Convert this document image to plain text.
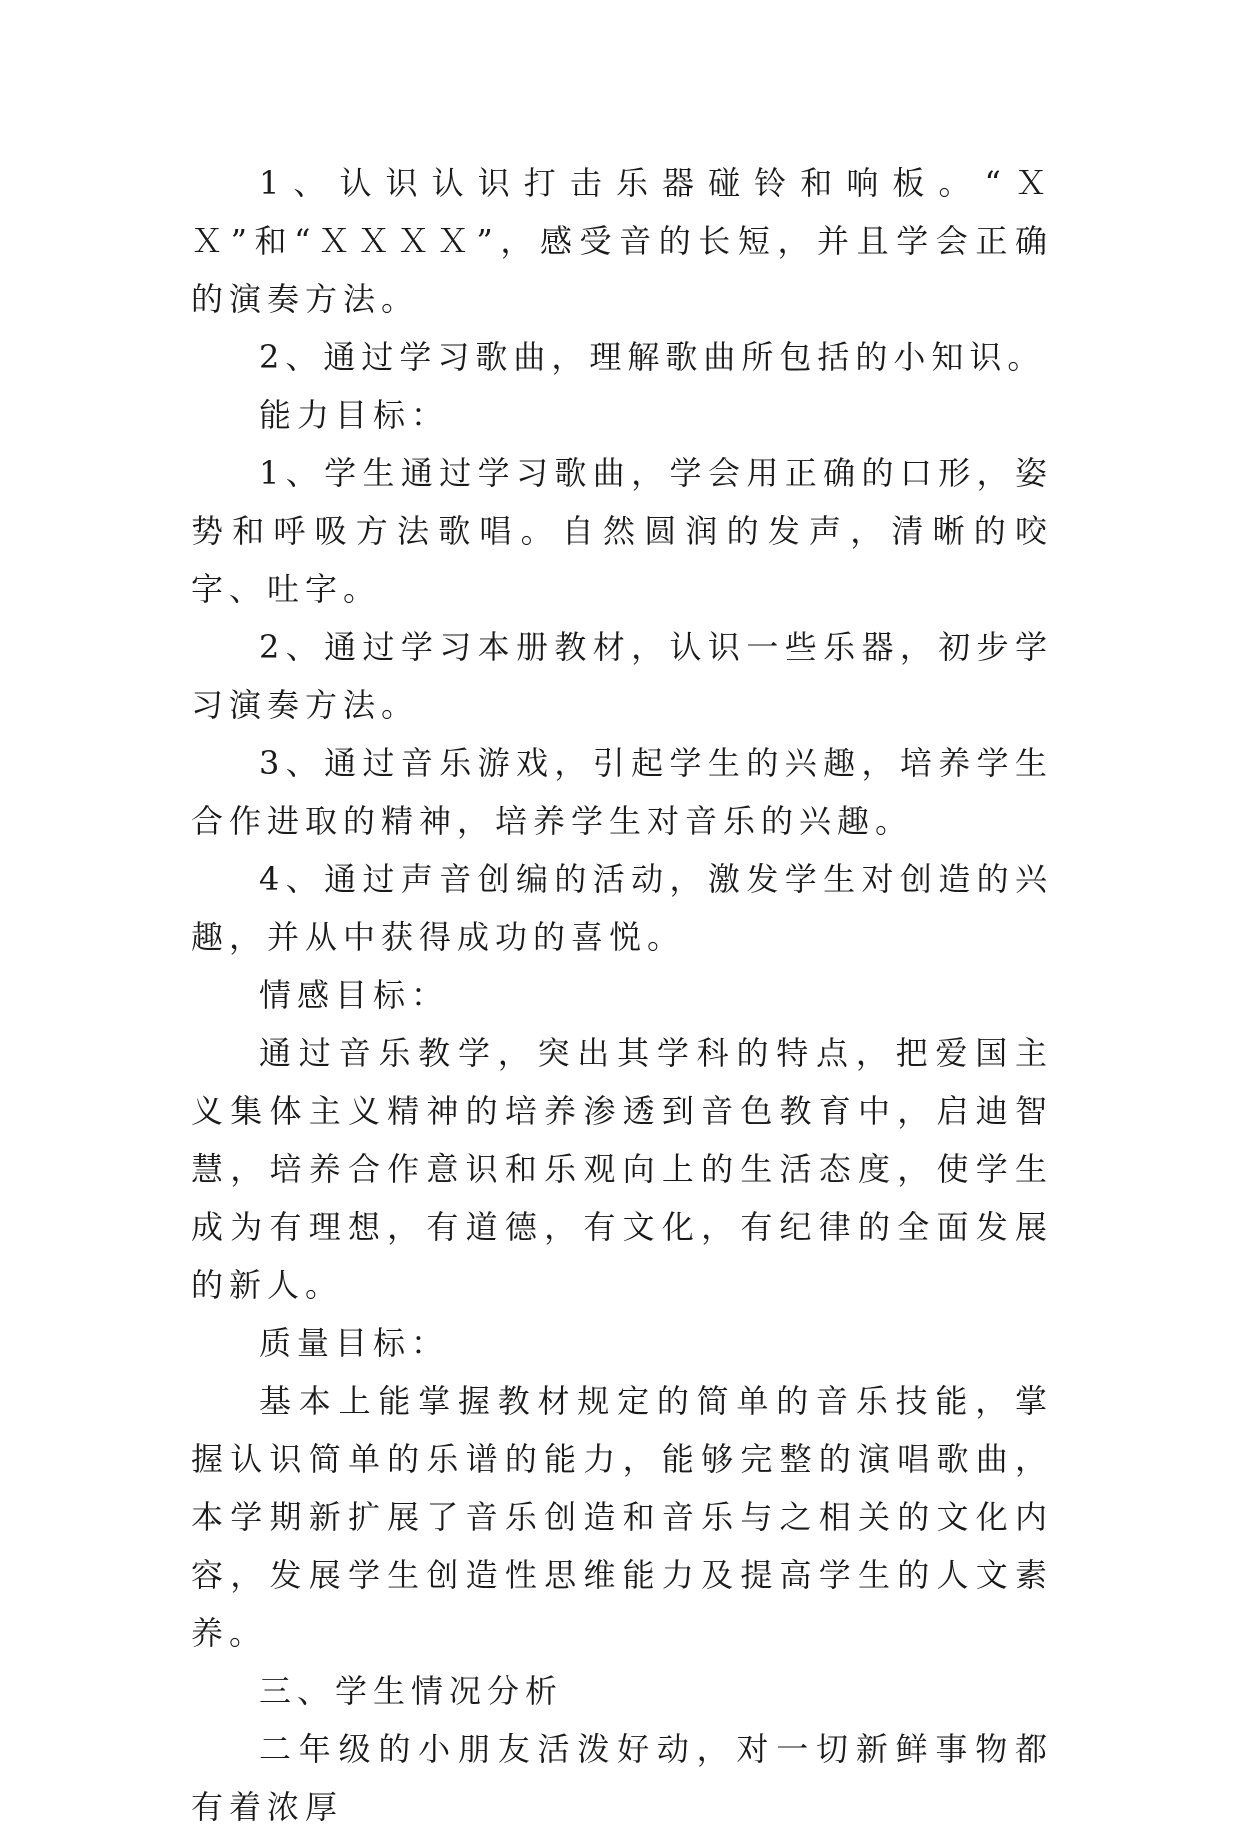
1、认识认识打击乐器碰铃和响板。“ＸＸ”和“ＸＸＸＸ”，感受音的长短，并且学会正确的演奏方法。

2、通过学习歌曲，理解歌曲所包括的小知识。

能力目标：

1、学生通过学习歌曲，学会用正确的口形，姿势和呼吸方法歌唱。自然圆润的发声，清晰的咬字、吐字。

2、通过学习本册教材，认识一些乐器，初步学习演奏方法。

3、通过音乐游戏，引起学生的兴趣，培养学生合作进取的精神，培养学生对音乐的兴趣。

4、通过声音创编的活动，激发学生对创造的兴趣，并从中获得成功的喜悦。

情感目标：

通过音乐教学，突出其学科的特点，把爱国主义集体主义精神的培养渗透到音色教育中，启迪智慧，培养合作意识和乐观向上的生活态度，使学生成为有理想，有道德，有文化，有纪律的全面发展的新人。

质量目标：

基本上能掌握教材规定的简单的音乐技能，掌握认识简单的乐谱的能力，能够完整的演唱歌曲，本学期新扩展了音乐创造和音乐与之相关的文化内容，发展学生创造性思维能力及提高学生的人文素养。

三、学生情况分析

二年级的小朋友活泼好动，对一切新鲜事物都有着浓厚
